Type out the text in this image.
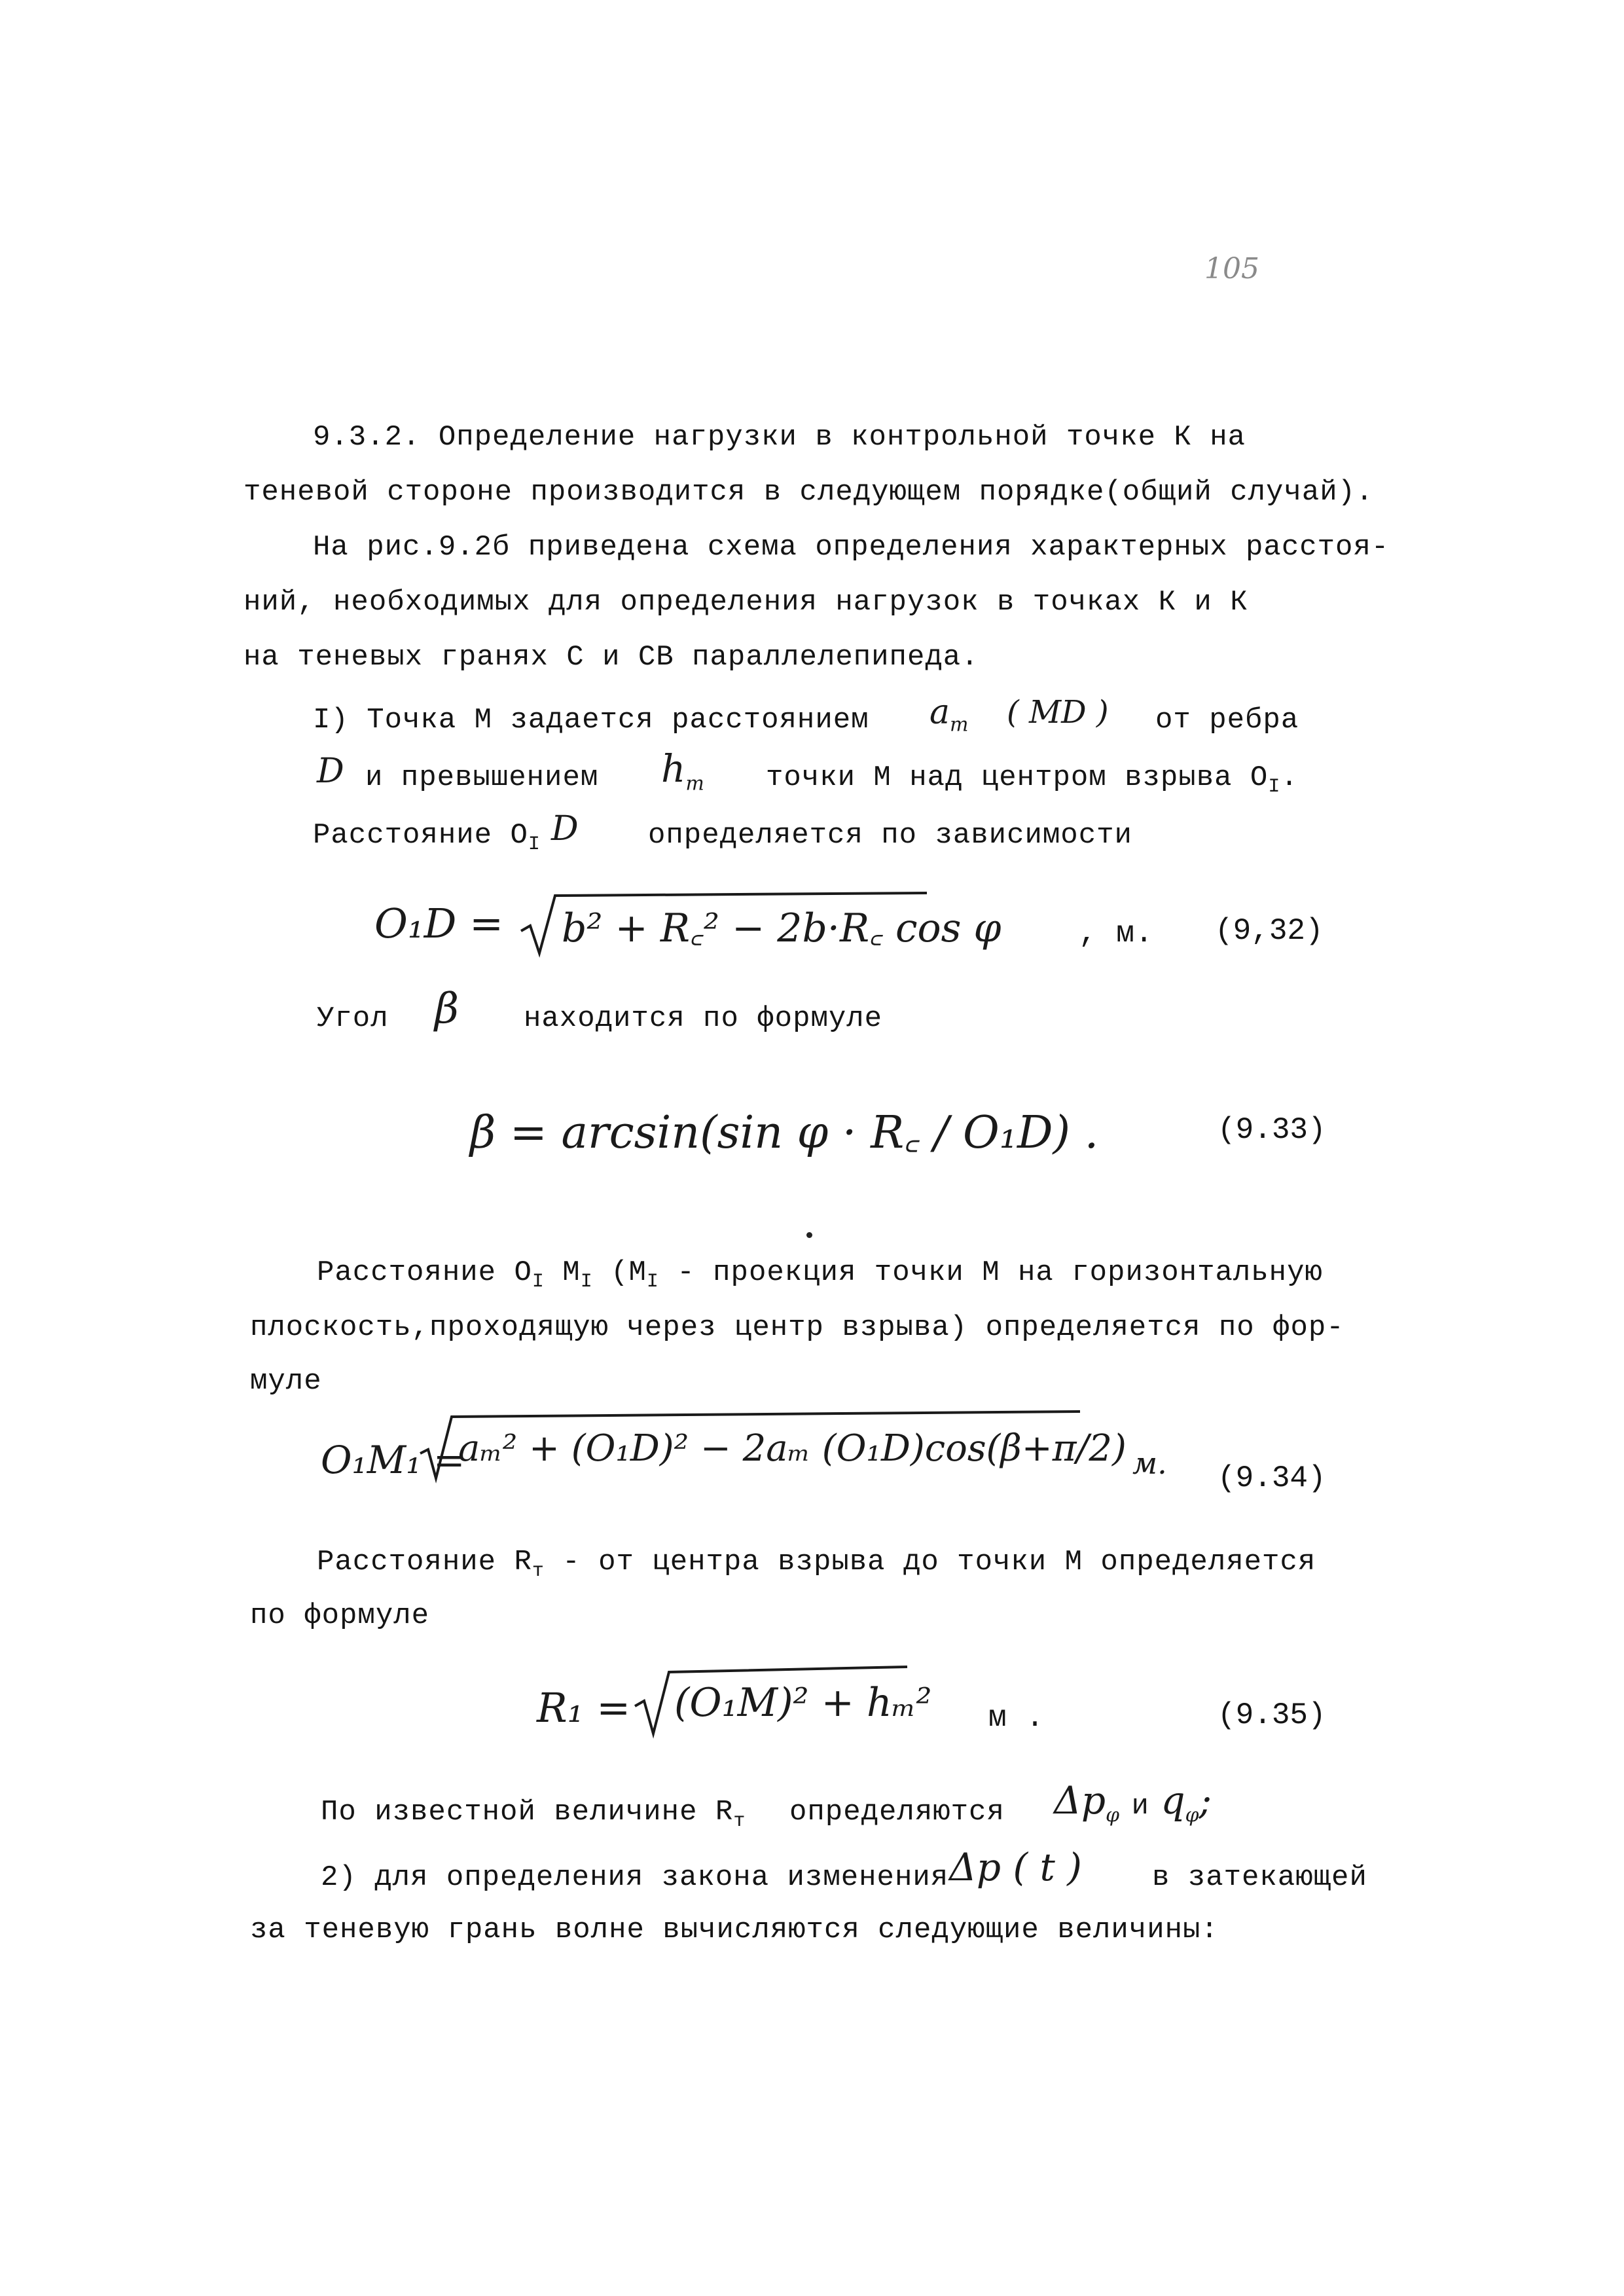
105
9.3.2. Определение нагрузки в контрольной точке К на
теневой стороне производится в следующем порядке(общий случай).
На рис.9.2б приведена схема определения характерных расстоя-
ний, необходимых для определения нагрузок в точках К и К
на теневых гранях С и СВ параллелепипеда.
I) Точка М задается расстоянием $a_m$ ( MD ) от ребра
D и превышением $h_m$ точки М над центром взрыва $О_I$.
Расстояние $О_I$ D определяется по зависимости
O₁D = b² + R꜀² − 2b·R꜀ cos φ	, м. (9,32)
Угол β находится по формуле
β = arcsin(sin φ · R꜀ / O₁D) .	(9.33)
Расстояние $О_I$ $М_I$ ($М_I$ - проекция точки М на горизонтальную
плоскость,проходящую через центр взрыва) определяется по фор-
муле
O₁M₁ =
aₘ² + (O₁D)² − 2aₘ (O₁D)cos(β+π/2) м. (9.34)
Расстояние $R_т$ - от центра взрыва до точки М определяется
по формуле
R₁ = (O₁M)² + hₘ² м .	(9.35)
По известной величине $R_т$ определяются $\Delta p_\varphi$ и $q_\varphi$;
2) для определения закона изменения Δp ( t ) в затекающей
за теневую грань волне вычисляются следующие величины:
